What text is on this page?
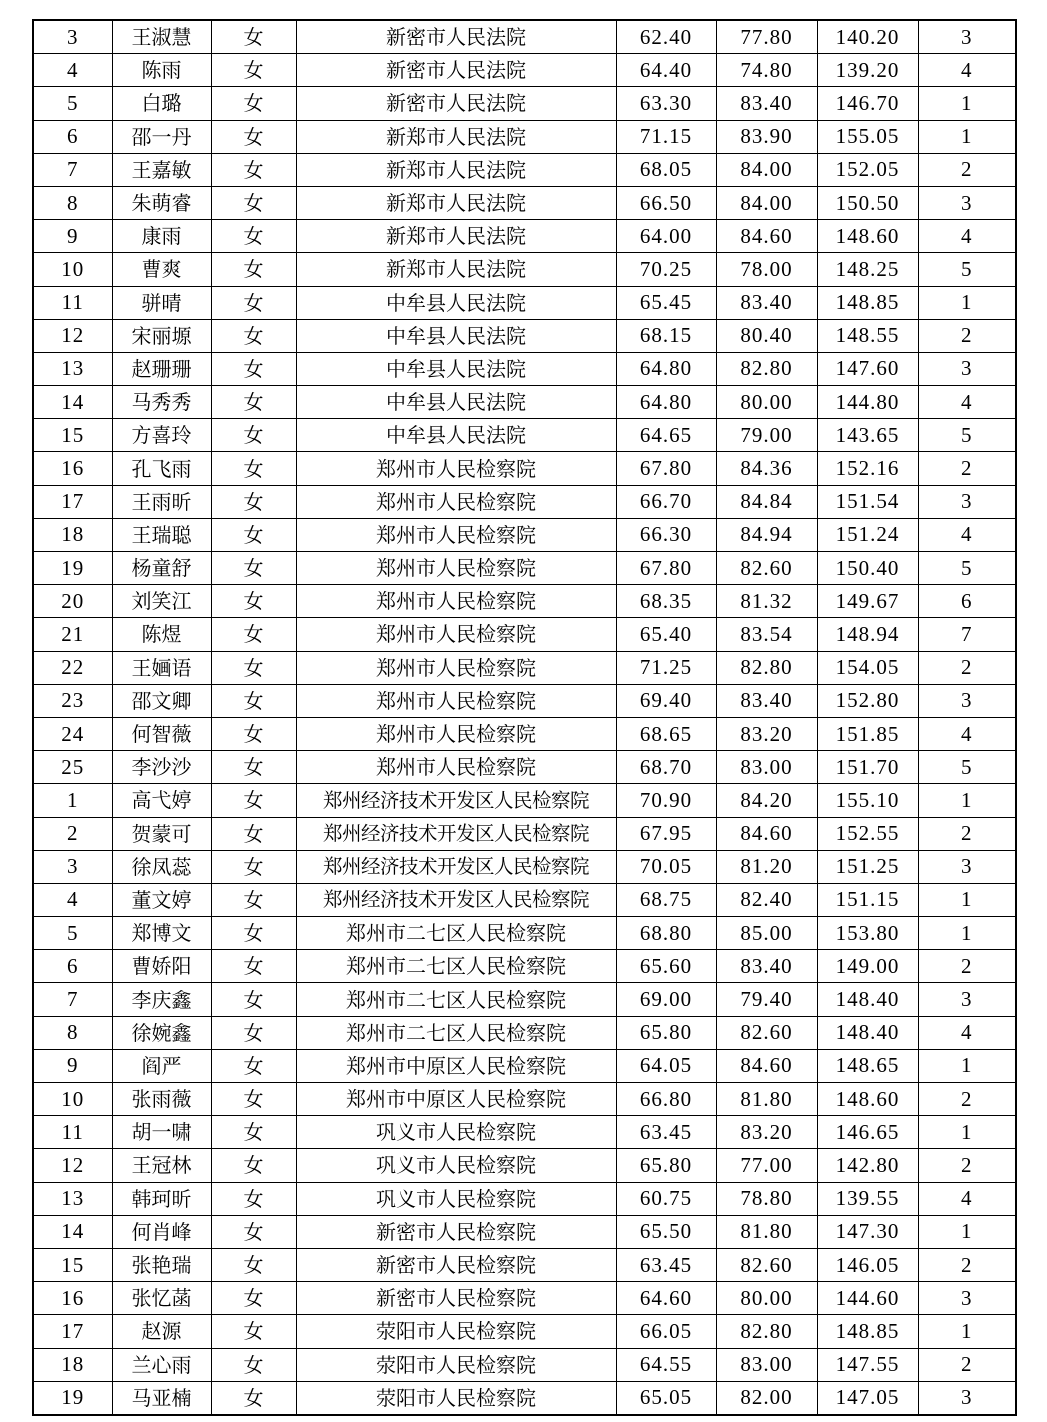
3	王淑慧	女	新密市人民法院	62.40	77.80	140.20	3
4	陈雨	女	新密市人民法院	64.40	74.80	139.20	4
5	白璐	女	新密市人民法院	63.30	83.40	146.70	1
6	邵一丹	女	新郑市人民法院	71.15	83.90	155.05	1
7	王嘉敏	女	新郑市人民法院	68.05	84.00	152.05	2
8	朱萌睿	女	新郑市人民法院	66.50	84.00	150.50	3
9	康雨	女	新郑市人民法院	64.00	84.60	148.60	4
10	曹爽	女	新郑市人民法院	70.25	78.00	148.25	5
11	骈晴	女	中牟县人民法院	65.45	83.40	148.85	1
12	宋丽塬	女	中牟县人民法院	68.15	80.40	148.55	2
13	赵珊珊	女	中牟县人民法院	64.80	82.80	147.60	3
14	马秀秀	女	中牟县人民法院	64.80	80.00	144.80	4
15	方喜玲	女	中牟县人民法院	64.65	79.00	143.65	5
16	孔飞雨	女	郑州市人民检察院	67.80	84.36	152.16	2
17	王雨昕	女	郑州市人民检察院	66.70	84.84	151.54	3
18	王瑞聪	女	郑州市人民检察院	66.30	84.94	151.24	4
19	杨童舒	女	郑州市人民检察院	67.80	82.60	150.40	5
20	刘笑江	女	郑州市人民检察院	68.35	81.32	149.67	6
21	陈煜	女	郑州市人民检察院	65.40	83.54	148.94	7
22	王婳语	女	郑州市人民检察院	71.25	82.80	154.05	2
23	邵文卿	女	郑州市人民检察院	69.40	83.40	152.80	3
24	何智薇	女	郑州市人民检察院	68.65	83.20	151.85	4
25	李沙沙	女	郑州市人民检察院	68.70	83.00	151.70	5
1	高弋婷	女	郑州经济技术开发区人民检察院	70.90	84.20	155.10	1
2	贺蒙可	女	郑州经济技术开发区人民检察院	67.95	84.60	152.55	2
3	徐凤蕊	女	郑州经济技术开发区人民检察院	70.05	81.20	151.25	3
4	董文婷	女	郑州经济技术开发区人民检察院	68.75	82.40	151.15	1
5	郑博文	女	郑州市二七区人民检察院	68.80	85.00	153.80	1
6	曹娇阳	女	郑州市二七区人民检察院	65.60	83.40	149.00	2
7	李庆鑫	女	郑州市二七区人民检察院	69.00	79.40	148.40	3
8	徐婉鑫	女	郑州市二七区人民检察院	65.80	82.60	148.40	4
9	阎严	女	郑州市中原区人民检察院	64.05	84.60	148.65	1
10	张雨薇	女	郑州市中原区人民检察院	66.80	81.80	148.60	2
11	胡一啸	女	巩义市人民检察院	63.45	83.20	146.65	1
12	王冠林	女	巩义市人民检察院	65.80	77.00	142.80	2
13	韩珂昕	女	巩义市人民检察院	60.75	78.80	139.55	4
14	何肖峰	女	新密市人民检察院	65.50	81.80	147.30	1
15	张艳瑞	女	新密市人民检察院	63.45	82.60	146.05	2
16	张忆菡	女	新密市人民检察院	64.60	80.00	144.60	3
17	赵源	女	荥阳市人民检察院	66.05	82.80	148.85	1
18	兰心雨	女	荥阳市人民检察院	64.55	83.00	147.55	2
19	马亚楠	女	荥阳市人民检察院	65.05	82.00	147.05	3
